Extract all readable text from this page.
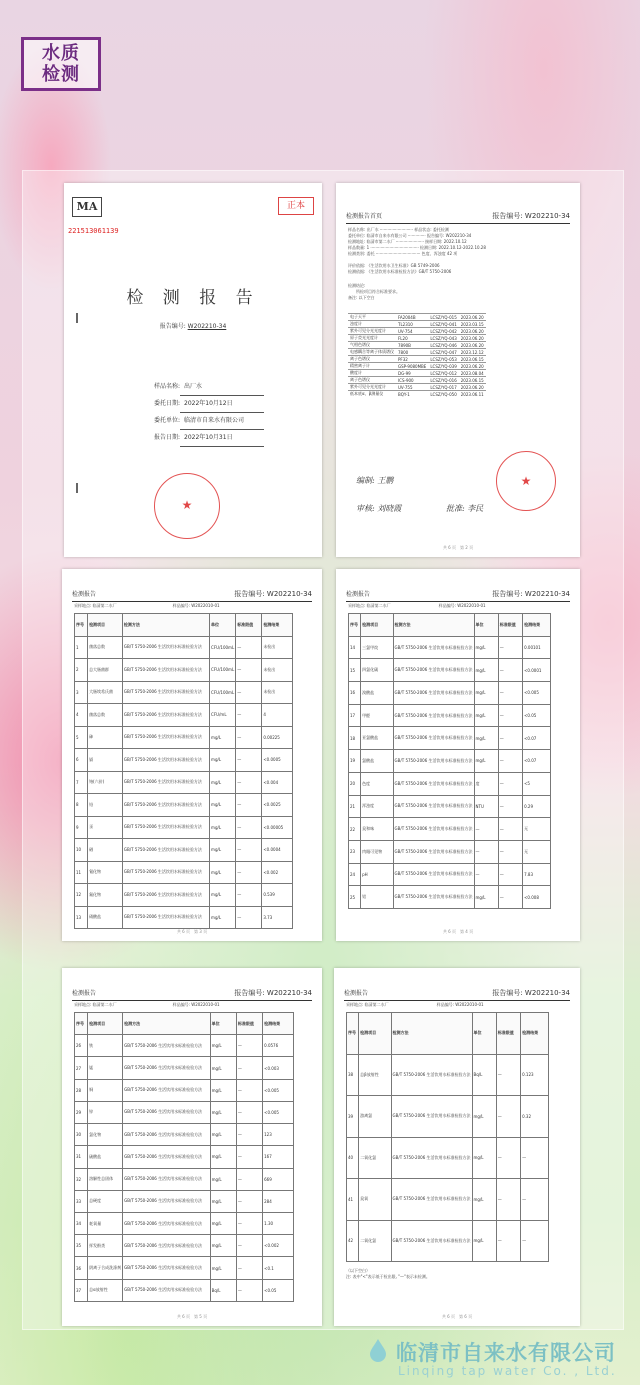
水质
检测
MA
221513061139
正本
检 测 报 告
报告编号: W202210-34
样品名称: 出厂水
委托日期: 2022年10月12日
委托单位: 临清市自来水有限公司
报告日期: 2022年10月31日
★
检测报告首页	报告编号: W202210-34
样品名称: 出厂水 ·························· 样品状态: 委托检测
委托单位: 临清市自来水有限公司 ·············· 报告编号: W202210-34
检测地址: 临清市第二水厂 ······················ 接样日期: 2022.10.12
样品数量: 1 ······································ 检测日期: 2022.10.12-2022.10.28
检测类别: 委托 ··································· 色度、浑浊度 42 项
评价依据: 《生活饮用水卫生标准》GB 5749-2006
检测依据: 《生活饮用水标准检验方法》GB/T 5750-2006
检测结论:
　　所检项目符合标准要求。
备注: 以下空白
电子天平	FA2004B	LCSZ/YQ-015	2023.06.20
浊度计	TL2310	LCSZ/YQ-041	2023.03.15
紫外可见分光光度计	UV-754	LCSZ/YQ-042	2023.06.20
原子荧光光度计	FL20	LCSZ/YQ-043	2023.06.20
气相色谱仪	7890B	LCSZ/YQ-046	2023.06.20
电感耦合等离子体质谱仪	7800	LCSZ/YQ-047	2023.12.12
离子色谱仪	PF32	LCSZ/YQ-053	2023.06.15
精密离子计	GSP-9080MBE	LCSZ/YQ-039	2023.06.20
酸度计	DG-99	LCSZ/YQ-012	2023.08.04
离子色谱仪	ICS-900	LCSZ/YQ-016	2023.06.15
紫外可见分光光度计	UV-755	LCSZ/YQ-017	2023.06.20
低本底α、β测量仪	BQY-1	LCSZ/YQ-050	2023.06.11
编制: 王鹏
审核: 刘晓霞	批准: 李民
★
共 6 页　第 2 页
检测报告	报告编号: W202210-34
采样地点: 临清第二水厂　　　　　　　　　　　　　　样品编号: W2022010-01
序号	检测项目	检测方法	单位	标准限值	检测结果
1	菌落总数	GB/T 5750-2006 生活饮用水标准检验方法	CFU/100mL	—	未检出
2	总大肠菌群	GB/T 5750-2006 生活饮用水标准检验方法	CFU/100mL	—	未检出
3	大肠埃希氏菌	GB/T 5750-2006 生活饮用水标准检验方法	CFU/100mL	—	未检出
4	菌落总数	GB/T 5750-2006 生活饮用水标准检验方法	CFU/mL	—	4
5	砷	GB/T 5750-2006 生活饮用水标准检验方法	mg/L	—	0.00225
6	镉	GB/T 5750-2006 生活饮用水标准检验方法	mg/L	—	<0.0005
7	铬(六价)	GB/T 5750-2006 生活饮用水标准检验方法	mg/L	—	<0.004
8	铅	GB/T 5750-2006 生活饮用水标准检验方法	mg/L	—	<0.0025
9	汞	GB/T 5750-2006 生活饮用水标准检验方法	mg/L	—	<0.00005
10	硒	GB/T 5750-2006 生活饮用水标准检验方法	mg/L	—	<0.0004
11	氰化物	GB/T 5750-2006 生活饮用水标准检验方法	mg/L	—	<0.002
12	氟化物	GB/T 5750-2006 生活饮用水标准检验方法	mg/L	—	0.539
13	硝酸盐	GB/T 5750-2006 生活饮用水标准检验方法	mg/L	—	3.73
共 6 页　第 3 页
检测报告	报告编号: W202210-34
采样地点: 临清第二水厂　　　　　　　　　　　　样品编号: W2022010-01
序号	检测项目	检测方法	单位	标准限值	检测结果
14	三氯甲烷	GB/T 5750-2006 生活饮用水标准检验方法	mg/L	—	0.00101
15	四氯化碳	GB/T 5750-2006 生活饮用水标准检验方法	mg/L	—	<0.0001
16	溴酸盐	GB/T 5750-2006 生活饮用水标准检验方法	mg/L	—	<0.005
17	甲醛	GB/T 5750-2006 生活饮用水标准检验方法	mg/L	—	<0.05
18	亚氯酸盐	GB/T 5750-2006 生活饮用水标准检验方法	mg/L	—	<0.07
19	氯酸盐	GB/T 5750-2006 生活饮用水标准检验方法	mg/L	—	<0.07
20	色度	GB/T 5750-2006 生活饮用水标准检验方法	度	—	<5
21	浑浊度	GB/T 5750-2006 生活饮用水标准检验方法	NTU	—	0.29
22	臭和味	GB/T 5750-2006 生活饮用水标准检验方法	—	—	无
23	肉眼可见物	GB/T 5750-2006 生活饮用水标准检验方法	—	—	无
24	pH	GB/T 5750-2006 生活饮用水标准检验方法	—	—	7.83
25	铝	GB/T 5750-2006 生活饮用水标准检验方法	mg/L	—	<0.008
共 6 页　第 4 页
检测报告	报告编号: W202210-34
采样地点: 临清第二水厂　　　　　　　　　　　　　　样品编号: W2022010-01
序号	检测项目	检测方法	单位	标准限值	检测结果
26	铁	GB/T 5750-2006 生活饮用水标准检验方法	mg/L	—	0.0576
27	锰	GB/T 5750-2006 生活饮用水标准检验方法	mg/L	—	<0.003
28	铜	GB/T 5750-2006 生活饮用水标准检验方法	mg/L	—	<0.005
29	锌	GB/T 5750-2006 生活饮用水标准检验方法	mg/L	—	<0.005
30	氯化物	GB/T 5750-2006 生活饮用水标准检验方法	mg/L	—	123
31	硫酸盐	GB/T 5750-2006 生活饮用水标准检验方法	mg/L	—	167
32	溶解性总固体	GB/T 5750-2006 生活饮用水标准检验方法	mg/L	—	669
33	总硬度	GB/T 5750-2006 生活饮用水标准检验方法	mg/L	—	284
34	耗氧量	GB/T 5750-2006 生活饮用水标准检验方法	mg/L	—	1.30
35	挥发酚类	GB/T 5750-2006 生活饮用水标准检验方法	mg/L	—	<0.002
36	阴离子合成洗涤剂	GB/T 5750-2006 生活饮用水标准检验方法	mg/L	—	<0.1
37	总α放射性	GB/T 5750-2006 生活饮用水标准检验方法	Bq/L	—	<0.05
共 6 页　第 5 页
检测报告	报告编号: W202210-34
采样地点: 临清第二水厂　　　　　　　　　　　　样品编号: W2022010-01
序号	检测项目	检测方法	单位	标准限值	检测结果
38	总β放射性	GB/T 5750-2006 生活饮用水标准检验方法	Bq/L	—	0.123
39	游离氯	GB/T 5750-2006 生活饮用水标准检验方法	mg/L	—	0.32
40	二氧化氯	GB/T 5750-2006 生活饮用水标准检验方法	mg/L	—	—
41	臭氧	GB/T 5750-2006 生活饮用水标准检验方法	mg/L	—	—
42	二氧化氯	GB/T 5750-2006 生活饮用水标准检验方法	mg/L	—	—
（以下空白）
注: 表中"<"表示低于检出限, "—"表示未检测。
共 6 页　第 6 页
临清市自来水有限公司
Linqing tap water Co. , Ltd.
